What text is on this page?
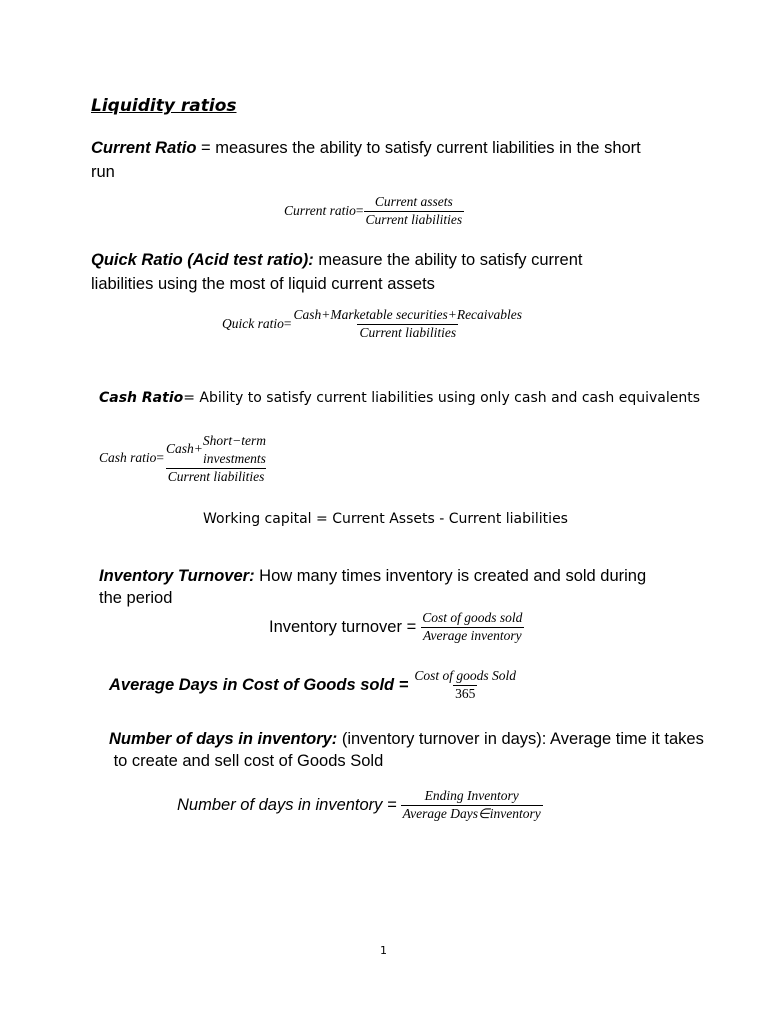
Liquidity ratios
Current Ratio = measures the ability to satisfy current liabilities in the short
run
Current ratio = $\frac{\text{Current assets}}{\text{Current liabilities}}$
Quick Ratio (Acid test ratio): measure the ability to satisfy current
liabilities using the most of liquid current assets
Quick ratio = $\frac{\text{Cash+Marketable securities+Recaivables}}{\text{Current liabilities}}$
Cash Ratio= Ability to satisfy current liabilities using only cash and cash equivalents
Cash ratio = Cash+
Short−term
investments
Current liabilities
Working capital = Current Assets - Current liabilities
Inventory Turnover: How many times inventory is created and sold during
the period
Inventory turnover = $\frac{\text{Cost of goods sold}}{\text{Average inventory}}$
Average Days in Cost of Goods sold = $\frac{\text{Cost of goods Sold}}{365}$
Number of days in inventory: (inventory turnover in days): Average time it takes
to create and sell cost of Goods Sold
Number of days in inventory = $\frac{\text{Ending Inventory}}{\text{Average Days∈inventory}}$
1
